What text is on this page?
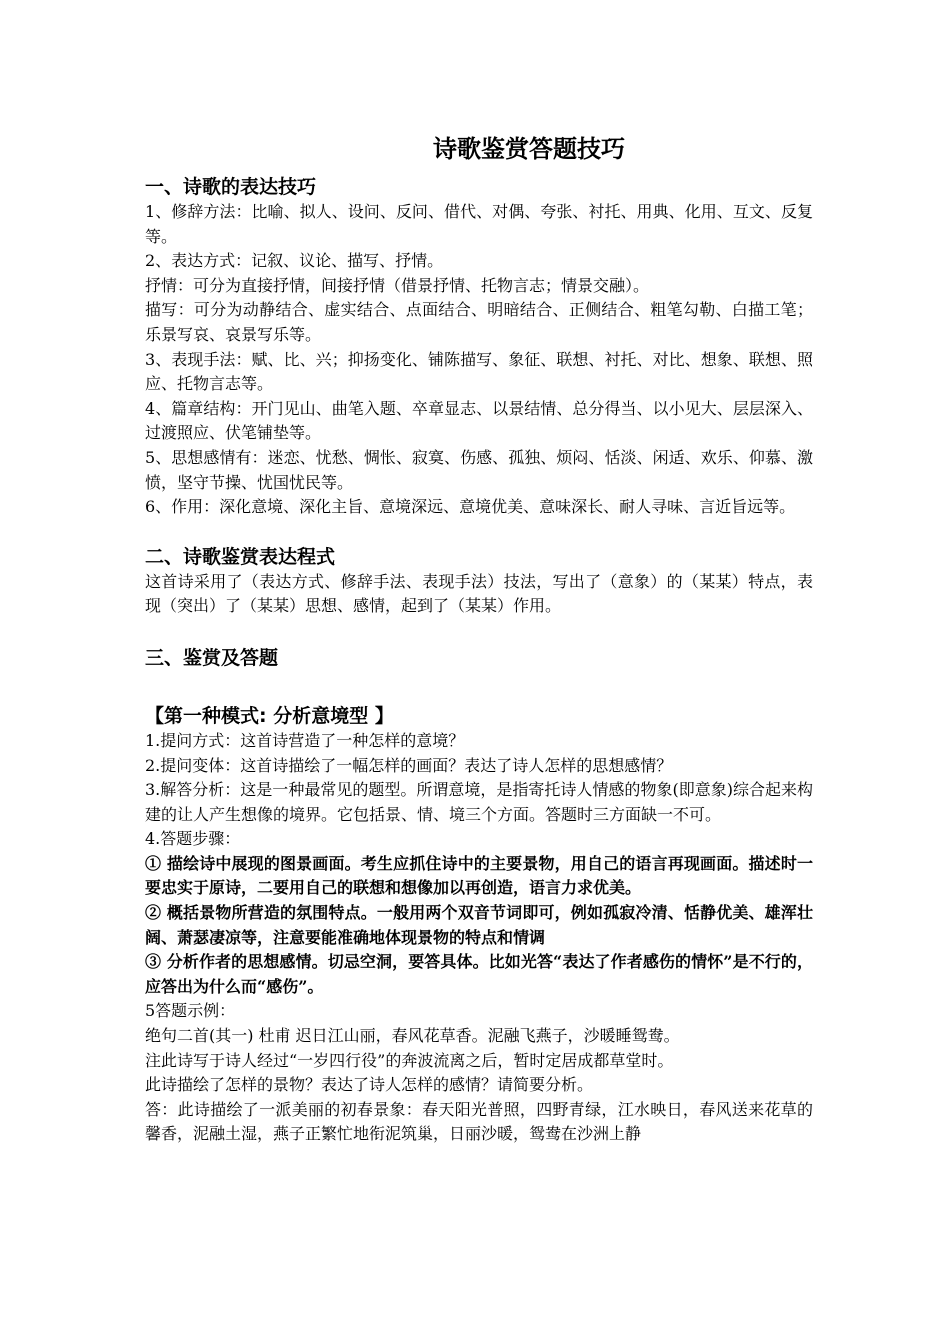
诗歌鉴赏答题技巧
一、诗歌的表达技巧

1、修辞方法：比喻、拟人、设问、反问、借代、对偶、夸张、衬托、用典、化用、互文、反复等。

2、表达方式：记叙、议论、描写、抒情。

抒情：可分为直接抒情，间接抒情（借景抒情、托物言志；情景交融）。

描写：可分为动静结合、虚实结合、点面结合、明暗结合、正侧结合、粗笔勾勒、白描工笔；乐景写哀、哀景写乐等。

3、表现手法：赋、比、兴；抑扬变化、铺陈描写、象征、联想、衬托、对比、想象、联想、照应、托物言志等。

4、篇章结构：开门见山、曲笔入题、卒章显志、以景结情、总分得当、以小见大、层层深入、过渡照应、伏笔铺垫等。

5、思想感情有：迷恋、忧愁、惆怅、寂寞、伤感、孤独、烦闷、恬淡、闲适、欢乐、仰慕、激愤，坚守节操、忧国忧民等。

6、作用：深化意境、深化主旨、意境深远、意境优美、意味深长、耐人寻味、言近旨远等。

二、诗歌鉴赏表达程式

这首诗采用了（表达方式、修辞手法、表现手法）技法，写出了（意象）的（某某）特点，表现（突出）了（某某）思想、感情，起到了（某某）作用。

三、鉴赏及答题
【第一种模式: 分析意境型 】

1.提问方式：这首诗营造了一种怎样的意境？

2.提问变体：这首诗描绘了一幅怎样的画面？表达了诗人怎样的思想感情？

3.解答分析：这是一种最常见的题型。所谓意境，是指寄托诗人情感的物象(即意象)综合起来构建的让人产生想像的境界。它包括景、情、境三个方面。答题时三方面缺一不可。

4.答题步骤：

① 描绘诗中展现的图景画面。考生应抓住诗中的主要景物，用自己的语言再现画面。描述时一要忠实于原诗，二要用自己的联想和想像加以再创造，语言力求优美。

② 概括景物所营造的氛围特点。一般用两个双音节词即可，例如孤寂冷清、恬静优美、雄浑壮阔、萧瑟凄凉等，注意要能准确地体现景物的特点和情调

③ 分析作者的思想感情。切忌空洞，要答具体。比如光答“表达了作者感伤的情怀”是不行的，应答出为什么而“感伤”。

5答题示例：

绝句二首(其一) 杜甫 迟日江山丽，春风花草香。泥融飞燕子，沙暖睡鸳鸯。

注此诗写于诗人经过“一岁四行役”的奔波流离之后，暂时定居成都草堂时。

此诗描绘了怎样的景物？表达了诗人怎样的感情？请简要分析。

答：此诗描绘了一派美丽的初春景象：春天阳光普照，四野青绿，江水映日，春风送来花草的馨香，泥融土湿，燕子正繁忙地衔泥筑巢，日丽沙暖，鸳鸯在沙洲上静
